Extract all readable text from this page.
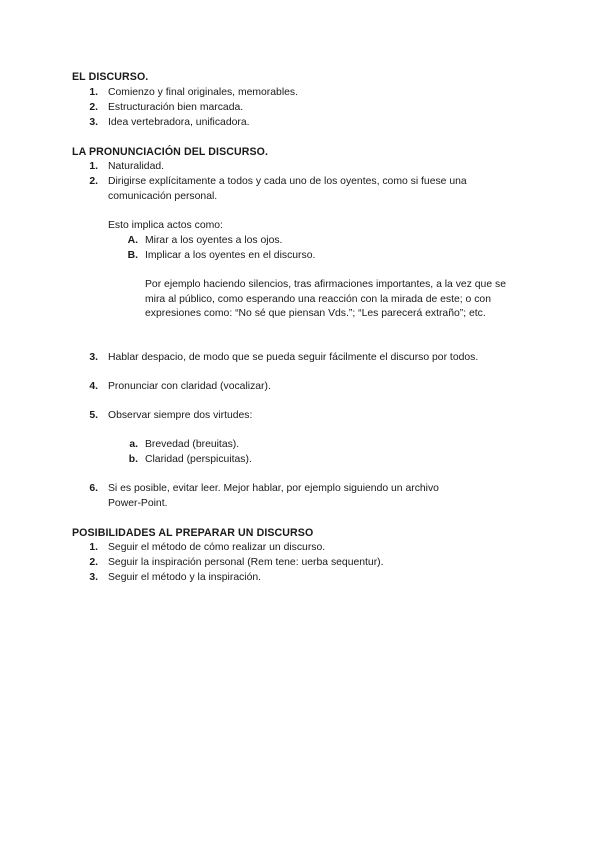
EL DISCURSO.
1. Comienzo y final originales, memorables.
2. Estructuración bien marcada.
3. Idea vertebradora, unificadora.
LA PRONUNCIACIÓN DEL DISCURSO.
1. Naturalidad.
2. Dirigirse explícitamente a todos y cada uno de los oyentes, como si fuese una
comunicación personal.
Esto implica actos como:
A. Mirar a los oyentes a los ojos.
B. Implicar a los oyentes en el discurso.
Por ejemplo haciendo silencios, tras afirmaciones importantes, a la vez que se mira al público, como esperando una reacción con la mirada de este; o con expresiones como: “No sé que piensan Vds.”; “Les parecerá extraño”; etc.
3. Hablar despacio, de modo que se pueda seguir fácilmente el discurso por todos.
4. Pronunciar con claridad (vocalizar).
5. Observar siempre dos virtudes:
a. Brevedad (breuitas).
b. Claridad (perspicuitas).
6. Si es posible, evitar leer. Mejor hablar, por ejemplo siguiendo un archivo
Power-Point.
POSIBILIDADES AL PREPARAR UN DISCURSO
1. Seguir el método de cómo realizar un discurso.
2. Seguir la inspiración personal (Rem tene: uerba sequentur).
3. Seguir el método y la inspiración.
